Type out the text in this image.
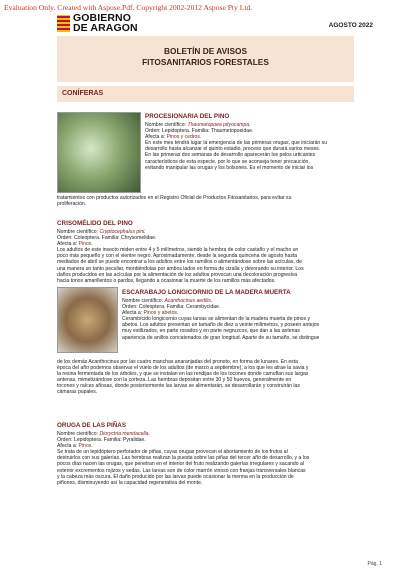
Evaluation Only. Created with Aspose.Pdf. Copyright 2002-2012 Aspose Pty Ltd.
GOBIERNO
DE ARAGON	AGOSTO 2022
BOLETÍN DE AVISOS
FITOSANITARIOS FORESTALES
CONÍFERAS
PROCESIONARIA DEL PINO
Nombre científico: Thaumetopoea pityocampa.
Orden: Lepidoptera. Familia: Thaumetopoeidae.
Afecta a: Pinos y cedros.
En este mes tendrá lugar la emergencia de las primeras orugas, que iniciarán su
desarrollo hasta alcanzar el quinto estadio, proceso que durará varios meses.
En las primeras dos semanas de desarrollo aparecerán los pelos urticantes
característicos de esta especie, por lo que se aconseja tener precaución,
evitando manipular las orugas y los bolsones. Es el momento de iniciar los
tratamientos con productos autorizados en el Registro Oficial de Productos Fitosanitarios, para evitar su
proliferación.
CRISOMÉLIDO DEL PINO
Nombre científico: Cryptocephalus pini.
Orden: Coleoptera. Familia: Chrysomelidae.
Afecta a: Pinos.
Los adultos de este insecto miden entre 4 y 5 milímetros, siendo la hembra de color castaño y el macho un
poco más pequeño y con el vientre negro. Aproximadamente, desde la segunda quincena de agosto hasta
mediados de abril se puede encontrar a los adultos entre los ramillos o alimentándose sobre las acículas, de
una manera un tanto peculiar, mordiéndolas por ambos lados en forma de cizalla y devorando su interior. Los
daños producidos en las acículas por la alimentación de los adultos provocan una decoloración progresiva
hacia tonos amarillentos o pardos, llegando a ocasionar la muerte de los ramillos más afectados.
ESCARABAJO LONGICORNIO DE LA MADERA MUERTA
Nombre científico: Acanthocinus aedilis.
Orden: Coleoptera. Familia: Cerambycidae.
Afecta a: Pinos y abetos.
Cerambícido longicornio cuyas larvas se alimentan de la madera muerta de pinos y
abetos. Los adultos presentan un tamaño de diez a veinte milímetros, y poseen antejos
muy estilizados, en parte rosados y en parte negruzcos, que dan a las antenas
apariencia de anillos concatenados de gran longitud. Aparte de su tamaño, se distingue
de los demás Acanthocinus por las cuatro manchas anaranjadas del pronoto, en forma de lunares. En esta
época del año podemos observar el vuelo de los adultos (de marzo a septiembre), a los que les atrae la savia y
la resina fermentada de los árboles, y que se instalan en las rendijas de los tocones donde camuflan sus largas
antenas, mimetizándose con la corteza. Las hembras depositan entre 30 y 50 huevos, generalmente en
tocones y raíces añosas, donde posteriormente las larvas se alimentarán, se desarrollarán y construirán las
cámaras pupales.
ORUGA DE LAS PIÑAS
Nombre científico: Dioryctria mendacella.
Orden: Lepidoptera. Familia: Pyralidae.
Afecta a: Pinos.
Se trata de un lepidóptero perforador de piñas, cuyas orugas provocan el abortamiento de los frutos al
destruirlos con sus galerías. Las hembras realizan la puesta sobre las piñas del tercer año de desarrollo, y a los
pocos días nacen las orugas, que penetran en el interior del fruto realizando galerías irregulares y sacando al
exterior excrementos rojizos y sedas. Las larvas son de color marrón vinoso con franjas transversales blancas
y la cabeza más oscura. El daño producido por las larvas puede ocasionar la merma en la producción de
piñones, disminuyendo así la capacidad regenerativa del monte.
Pág. 1
